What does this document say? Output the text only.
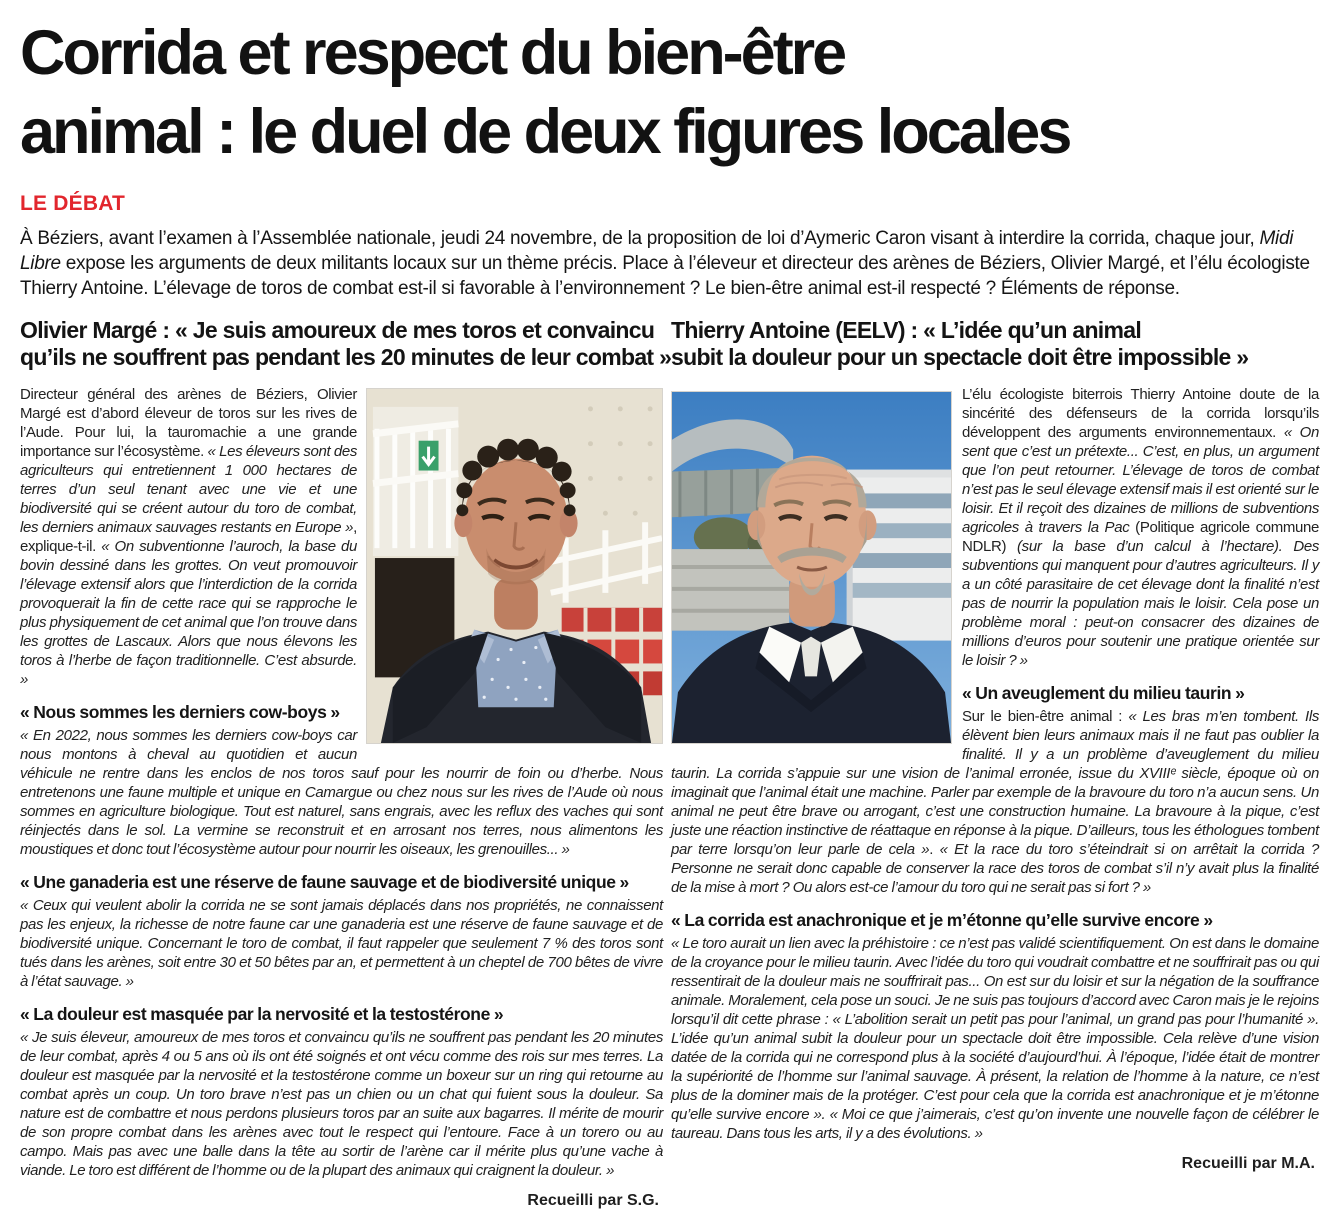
Corrida et respect du bien-être
animal : le duel de deux figures locales
LE DÉBAT

À Béziers, avant l’examen à l’Assemblée nationale, jeudi 24 novembre, de la proposition de loi d’Aymeric Caron visant à interdire la corrida, chaque jour, Midi Libre expose les arguments de deux militants locaux sur un thème précis. Place à l’éleveur et directeur des arènes de Béziers, Olivier Margé, et l’élu écologiste Thierry Antoine. L’élevage de toros de combat est-il si favorable à l’environnement ? Le bien-être animal est-il respecté ? Éléments de réponse.

Olivier Margé : « Je suis amoureux de mes toros et convaincu
qu’ils ne souffrent pas pendant les 20 minutes de leur combat »

Directeur général des arènes de Béziers, Olivier Margé est d’abord éleveur de toros sur les rives de l’Aude. Pour lui, la tauromachie a une grande importance sur l’écosystème. « Les éleveurs sont des agriculteurs qui entretiennent 1 000 hectares de terres d’un seul tenant avec une vie et une biodiversité qui se créent autour du toro de combat, les derniers animaux sauvages restants en Europe », explique-t-il. « On subventionne l’auroch, la base du bovin dessiné dans les grottes. On veut promouvoir l’élevage extensif alors que l’interdiction de la corrida provoquerait la fin de cette race qui se rapproche le plus physiquement de cet animal que l’on trouve dans les grottes de Lascaux. Alors que nous élevons les toros à l’herbe de façon traditionnelle. C’est absurde. »

« Nous sommes les derniers cow-boys »

« En 2022, nous sommes les derniers cow-boys car nous montons à cheval au quotidien et aucun véhicule ne rentre dans les enclos de nos toros sauf pour les nourrir de foin ou d’herbe. Nous entretenons une faune multiple et unique en Camargue ou chez nous sur les rives de l’Aude où nous sommes en agriculture biologique. Tout est naturel, sans engrais, avec les reflux des vaches qui sont réinjectés dans le sol. La vermine se reconstruit et en arrosant nos terres, nous alimentons les moustiques et donc tout l’écosystème autour pour nourrir les oiseaux, les grenouilles... »

« Une ganaderia est une réserve de faune sauvage et de biodiversité unique »

« Ceux qui veulent abolir la corrida ne se sont jamais déplacés dans nos propriétés, ne connaissent pas les enjeux, la richesse de notre faune car une ganaderia est une réserve de faune sauvage et de biodiversité unique. Concernant le toro de combat, il faut rappeler que seulement 7 % des toros sont tués dans les arènes, soit entre 30 et 50 bêtes par an, et permettent à un cheptel de 700 bêtes de vivre à l’état sauvage. »

« La douleur est masquée par la nervosité et la testostérone »

« Je suis éleveur, amoureux de mes toros et convaincu qu’ils ne souffrent pas pendant les 20 minutes de leur combat, après 4 ou 5 ans où ils ont été soignés et ont vécu comme des rois sur mes terres. La douleur est masquée par la nervosité et la testostérone comme un boxeur sur un ring qui retourne au combat après un coup. Un toro brave n’est pas un chien ou un chat qui fuient sous la douleur. Sa nature est de combattre et nous perdons plusieurs toros par an suite aux bagarres. Il mérite de mourir de son propre combat dans les arènes avec tout le respect qui l’entoure. Face à un torero ou au campo. Mais pas avec une balle dans la tête au sortir de l’arène car il mérite plus qu’une vache à viande. Le toro est différent de l’homme ou de la plupart des animaux qui craignent la douleur. »

Recueilli par S.G.
Thierry Antoine (EELV) : « L’idée qu’un animal
subit la douleur pour un spectacle doit être impossible »

L’élu écologiste biterrois Thierry Antoine doute de la sincérité des défenseurs de la corrida lorsqu’ils développent des arguments environnementaux. « On sent que c’est un prétexte... C’est, en plus, un argument que l’on peut retourner. L’élevage de toros de combat n’est pas le seul élevage extensif mais il est orienté sur le loisir. Et il reçoit des dizaines de millions de subventions agricoles à travers la Pac (Politique agricole commune NDLR) (sur la base d’un calcul à l’hectare). Des subventions qui manquent pour d’autres agriculteurs. Il y a un côté parasitaire de cet élevage dont la finalité n’est pas de nourrir la population mais le loisir. Cela pose un problème moral : peut-on consacrer des dizaines de millions d’euros pour soutenir une pratique orientée sur le loisir ? »

« Un aveuglement du milieu taurin »

Sur le bien-être animal : « Les bras m’en tombent. Ils élèvent bien leurs animaux mais il ne faut pas oublier la finalité. Il y a un problème d’aveuglement du milieu taurin. La corrida s’appuie sur une vision de l’animal erronée, issue du XVIIIᵉ siècle, époque où on imaginait que l’animal était une machine. Parler par exemple de la bravoure du toro n’a aucun sens. Un animal ne peut être brave ou arrogant, c’est une construction humaine. La bravoure à la pique, c’est juste une réaction instinctive de réattaque en réponse à la pique. D’ailleurs, tous les éthologues tombent par terre lorsqu’on leur parle de cela ». « Et la race du toro s’éteindrait si on arrêtait la corrida ? Personne ne serait donc capable de conserver la race des toros de combat s’il n’y avait plus la finalité de la mise à mort ? Ou alors est-ce l’amour du toro qui ne serait pas si fort ? »

« La corrida est anachronique et je m’étonne qu’elle survive encore »

« Le toro aurait un lien avec la préhistoire : ce n’est pas validé scientifiquement. On est dans le domaine de la croyance pour le milieu taurin. Avec l’idée du toro qui voudrait combattre et ne souffrirait pas ou qui ressentirait de la douleur mais ne souffrirait pas... On est sur du loisir et sur la négation de la souffrance animale. Moralement, cela pose un souci. Je ne suis pas toujours d’accord avec Caron mais je le rejoins lorsqu’il dit cette phrase : « L’abolition serait un petit pas pour l’animal, un grand pas pour l’humanité ». L’idée qu’un animal subit la douleur pour un spectacle doit être impossible. Cela relève d’une vision datée de la corrida qui ne correspond plus à la société d’aujourd’hui. À l’époque, l’idée était de montrer la supériorité de l’homme sur l’animal sauvage. À présent, la relation de l’homme à la nature, ce n’est plus de la dominer mais de la protéger. C’est pour cela que la corrida est anachronique et je m’étonne qu’elle survive encore ». « Moi ce que j’aimerais, c’est qu’on invente une nouvelle façon de célébrer le taureau. Dans tous les arts, il y a des évolutions. »

Recueilli par M.A.
